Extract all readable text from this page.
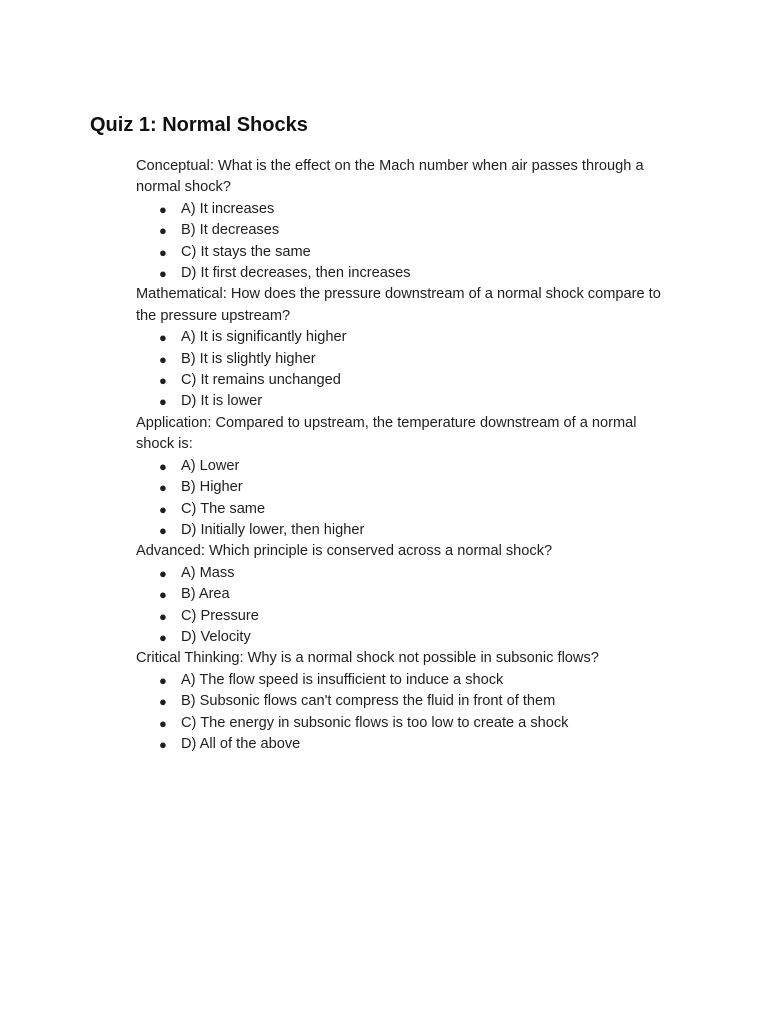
Quiz 1: Normal Shocks
Conceptual: What is the effect on the Mach number when air passes through a normal shock?
● A) It increases
● B) It decreases
● C) It stays the same
● D) It first decreases, then increases
Mathematical: How does the pressure downstream of a normal shock compare to the pressure upstream?
● A) It is significantly higher
● B) It is slightly higher
● C) It remains unchanged
● D) It is lower
Application: Compared to upstream, the temperature downstream of a normal shock is:
● A) Lower
● B) Higher
● C) The same
● D) Initially lower, then higher
Advanced: Which principle is conserved across a normal shock?
● A) Mass
● B) Area
● C) Pressure
● D) Velocity
Critical Thinking: Why is a normal shock not possible in subsonic flows?
● A) The flow speed is insufficient to induce a shock
● B) Subsonic flows can't compress the fluid in front of them
● C) The energy in subsonic flows is too low to create a shock
● D) All of the above
